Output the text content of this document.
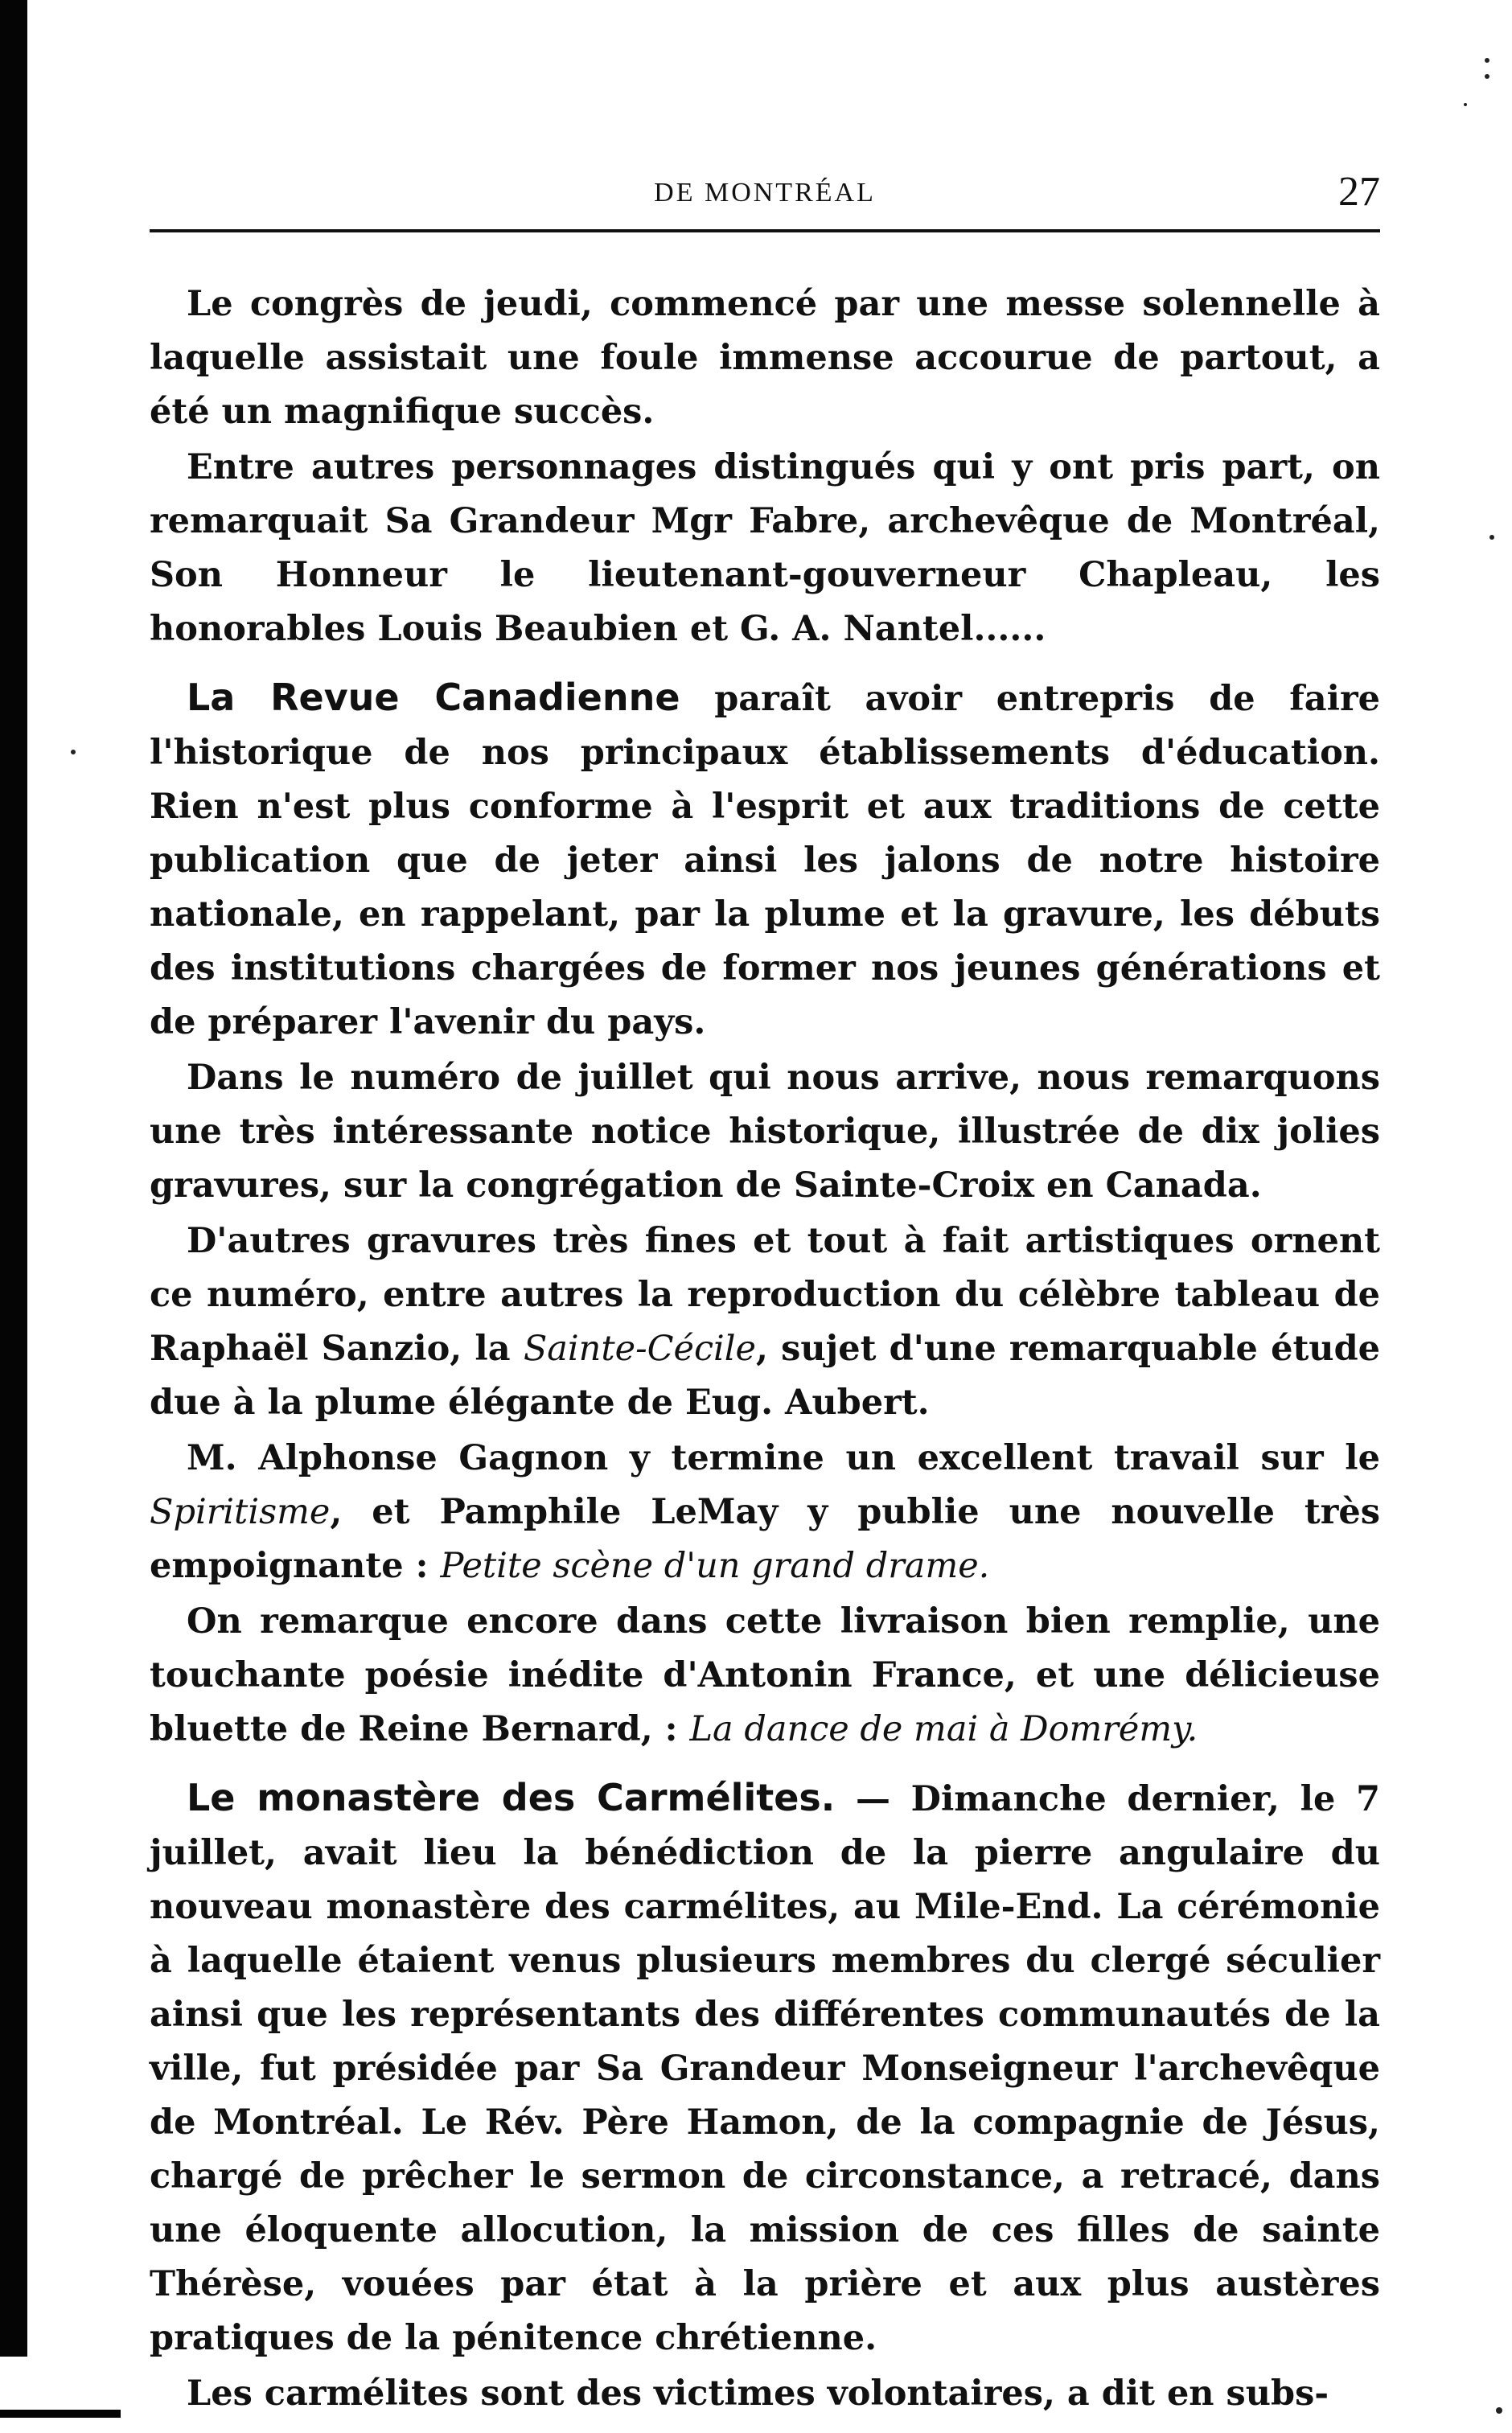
DE MONTRÉAL	27

Le congrès de jeudi, commencé par une messe solennelle à laquelle assistait une foule immense accourue de partout, a été un magnifique succès.

Entre autres personnages distingués qui y ont pris part, on remarquait Sa Grandeur Mgr Fabre, archevêque de Montréal, Son Honneur le lieutenant-gouverneur Chapleau, les honorables Louis Beaubien et G. A. Nantel......

La Revue Canadienne paraît avoir entrepris de faire l'historique de nos principaux établissements d'éducation. Rien n'est plus conforme à l'esprit et aux traditions de cette publication que de jeter ainsi les jalons de notre histoire nationale, en rappelant, par la plume et la gravure, les débuts des institutions chargées de former nos jeunes générations et de préparer l'avenir du pays.

Dans le numéro de juillet qui nous arrive, nous remarquons une très intéressante notice historique, illustrée de dix jolies gravures, sur la congrégation de Sainte-Croix en Canada.

D'autres gravures très fines et tout à fait artistiques ornent ce numéro, entre autres la reproduction du célèbre tableau de Raphaël Sanzio, la Sainte-Cécile, sujet d'une remarquable étude due à la plume élégante de Eug. Aubert.

M. Alphonse Gagnon y termine un excellent travail sur le Spiritisme, et Pamphile LeMay y publie une nouvelle très empoignante : Petite scène d'un grand drame.

On remarque encore dans cette livraison bien remplie, une touchante poésie inédite d'Antonin France, et une délicieuse bluette de Reine Bernard, : La dance de mai à Domrémy.

Le monastère des Carmélites. — Dimanche dernier, le 7 juillet, avait lieu la bénédiction de la pierre angulaire du nouveau monastère des carmélites, au Mile-End. La cérémonie à laquelle étaient venus plusieurs membres du clergé séculier ainsi que les représentants des différentes communautés de la ville, fut présidée par Sa Grandeur Monseigneur l'archevêque de Montréal. Le Rév. Père Hamon, de la compagnie de Jésus, chargé de prêcher le sermon de circonstance, a retracé, dans une éloquente allocution, la mission de ces filles de sainte Thérèse, vouées par état à la prière et aux plus austères pratiques de la pénitence chrétienne.

Les carmélites sont des victimes volontaires, a dit en subs-
